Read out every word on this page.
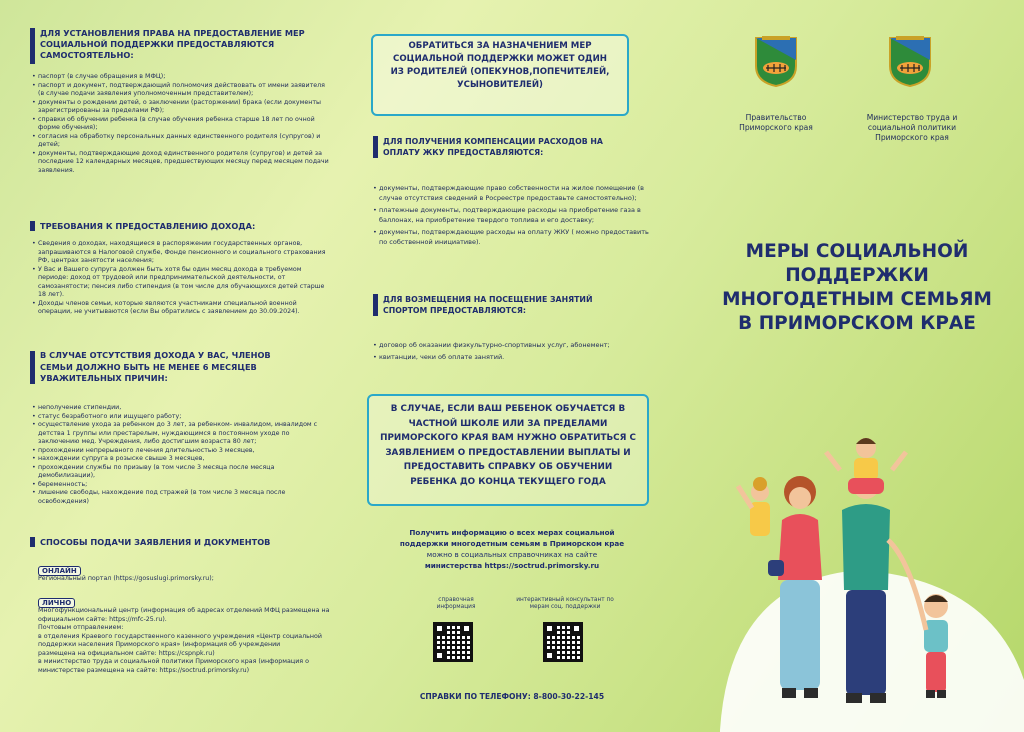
ДЛЯ УСТАНОВЛЕНИЯ ПРАВА НА ПРЕДОСТАВЛЕНИЕ МЕР СОЦИАЛЬНОЙ ПОДДЕРЖКИ ПРЕДОСТАВЛЯЮТСЯ САМОСТОЯТЕЛЬНО:
• паспорт (в случае обращения в МФЦ);
• паспорт и документ, подтверждающий полномочия действовать от имени заявителя (в случае подачи заявления уполномоченным представителем);
• документы о рождении детей, о заключении (расторжении) брака (если документы зарегистрированы за пределами РФ);
• справки об обучении ребенка (в случае обучения ребенка старше 18 лет по очной форме обучения);
• согласия на обработку персональных данных единственного родителя (супругов) и детей;
• документы, подтверждающие доход единственного родителя (супругов) и детей за последние 12 календарных месяцев, предшествующих месяцу перед месяцем подачи заявления.
ТРЕБОВАНИЯ К ПРЕДОСТАВЛЕНИЮ ДОХОДА:
• Сведения о доходах, находящиеся в распоряжении государственных органов, запрашиваются в Налоговой службе, Фонде пенсионного и социального страхования РФ, центрах занятости населения;
• У Вас и Вашего супруга должен быть хотя бы один месяц дохода в требуемом периоде: доход от трудовой или предпринимательской деятельности, от самозанятости; пенсия либо стипендия (в том числе для обучающихся детей старше 18 лет).
• Доходы членов семьи, которые являются участниками специальной военной операции, не учитываются (если Вы обратились с заявлением до 30.09.2024).
В СЛУЧАЕ ОТСУТСТВИЯ ДОХОДА У ВАС, ЧЛЕНОВ СЕМЬИ ДОЛЖНО БЫТЬ НЕ МЕНЕЕ 6 МЕСЯЦЕВ УВАЖИТЕЛЬНЫХ ПРИЧИН:
• неполучение стипендии,
• статус безработного или ищущего работу;
• осуществление ухода за ребенком до 3 лет, за ребенком- инвалидом, инвалидом с детства 1 группы или престарелым, нуждающимся в постоянном уходе по заключению мед. Учреждения, либо достигшим возраста 80 лет;
• прохождении непрерывного лечения длительностью 3 месяцев,
• нахождении супруга в розыске свыше 3 месяцев,
• прохождении службы по призыву (в том числе 3 месяца после месяца демобилизации),
• беременность;
• лишение свободы, нахождение под стражей (в том числе 3 месяца после освобождения)
СПОСОБЫ ПОДАЧИ ЗАЯВЛЕНИЯ И ДОКУМЕНТОВ
ОНЛАЙН
Региональный портал (https://gosuslugi.primorsky.ru);
ЛИЧНО
Многофункциональный центр (информация об адресах отделений МФЦ размещена на официальном сайте: https://mfc-25.ru).
Почтовым отправлением:
в отделения Краевого государственного казенного учреждения «Центр социальной поддержки населения Приморского края» (информация об учреждении
размещена на официальном сайте: https://cspnpk.ru)
в министерство труда и социальной политики Приморского края (информация о министерстве размещена на сайте: https://soctrud.primorsky.ru)
ОБРАТИТЬСЯ ЗА НАЗНАЧЕНИЕМ МЕР СОЦИАЛЬНОЙ ПОДДЕРЖКИ МОЖЕТ ОДИН ИЗ РОДИТЕЛЕЙ (ОПЕКУНОВ,ПОПЕЧИТЕЛЕЙ, УСЫНОВИТЕЛЕЙ)
ДЛЯ ПОЛУЧЕНИЯ КОМПЕНСАЦИИ РАСХОДОВ НА ОПЛАТУ ЖКУ ПРЕДОСТАВЛЯЮТСЯ:
• документы, подтверждающие право собственности на жилое помещение (в случае отсутствия сведений в Росреестре предоставьте самостоятельно);
• платежные документы, подтверждающие расходы на приобретение газа в баллонах, на приобретение твердого топлива и его доставку;
• документы, подтверждающие расходы на оплату ЖКУ ( можно предоставить по собственной инициативе).
ДЛЯ ВОЗМЕЩЕНИЯ НА ПОСЕЩЕНИЕ ЗАНЯТИЙ СПОРТОМ ПРЕДОСТАВЛЯЮТСЯ:
• договор об оказании физкультурно-спортивных услуг, абонемент;
• квитанции, чеки об оплате занятий.
В СЛУЧАЕ, ЕСЛИ ВАШ РЕБЕНОК ОБУЧАЕТСЯ В ЧАСТНОЙ ШКОЛЕ ИЛИ ЗА ПРЕДЕЛАМИ ПРИМОРСКОГО КРАЯ ВАМ НУЖНО ОБРАТИТЬСЯ С ЗАЯВЛЕНИЕМ О ПРЕДОСТАВЛЕНИИ ВЫПЛАТЫ И ПРЕДОСТАВИТЬ СПРАВКУ ОБ ОБУЧЕНИИ РЕБЕНКА ДО КОНЦА ТЕКУЩЕГО ГОДА
Получить информацию о всех мерах социальной
поддержки многодетным семьям в Приморском крае
можно в социальных справочниках на сайте
министерства https://soctrud.primorsky.ru
справочная информация
интерактивный консультант по мерам соц. поддержки
СПРАВКИ ПО ТЕЛЕФОНУ: 8-800-30-22-145
Правительство Приморского края
Министерство труда и социальной политики Приморского края
МЕРЫ СОЦИАЛЬНОЙ ПОДДЕРЖКИ МНОГОДЕТНЫМ СЕМЬЯМ В ПРИМОРСКОМ КРАЕ
